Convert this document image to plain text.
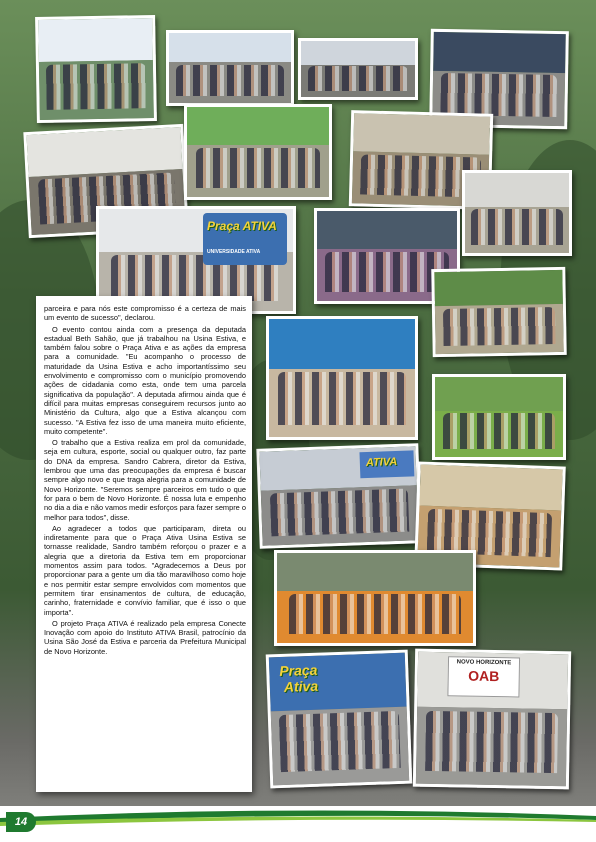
Praça ATIVA
UNIVERSIDADE ATIVA
ATIVA
Praça
Ativa
NOVO HORIZONTE
OAB

parceira e para nós este compromisso é a certeza de mais um evento de sucesso", declarou.

O evento contou ainda com a presença da deputada estadual Beth Sahão, que já trabalhou na Usina Estiva, e também falou sobre o Praça Ativa e as ações da empresa para a comunidade. "Eu acompanho o processo de maturidade da Usina Estiva e acho importantíssimo seu envolvimento e compromisso com o município promovendo ações de cidadania como esta, onde tem uma parcela significativa da população". A deputada afirmou ainda que é difícil para muitas empresas conseguirem recursos junto ao Ministério da Cultura, algo que a Estiva alcançou com sucesso. "A Estiva fez isso de uma maneira muito eficiente, muito competente".

O trabalho que a Estiva realiza em prol da comunidade, seja em cultura, esporte, social ou qualquer outro, faz parte do DNA da empresa. Sandro Cabrera, diretor da Estiva, lembrou que uma das preocupações da empresa é buscar sempre algo novo e que traga alegria para a comunidade de Novo Horizonte. "Seremos sempre parceiros em tudo o que for para o bem de Novo Horizonte. É nossa luta e empenho no dia a dia e não vamos medir esforços para fazer sempre o melhor para todos", disse.

Ao agradecer a todos que participaram, direta ou indiretamente para que o Praça Ativa Usina Estiva se tornasse realidade, Sandro também reforçou o prazer e a alegria que a diretoria da Estiva tem em proporcionar momentos assim para todos. "Agradecemos a Deus por proporcionar para a gente um dia tão maravilhoso como hoje e nos permitir estar sempre envolvidos com momentos que permitem tirar ensinamentos de cultura, de educação, carinho, fraternidade e convívio familiar, que é isso o que importa".

O projeto Praça ATIVA é realizado pela empresa Conecte Inovação com apoio do Instituto ATIVA Brasil, patrocínio da Usina São José da Estiva e parceria da Prefeitura Municipal de Novo Horizonte.

14
